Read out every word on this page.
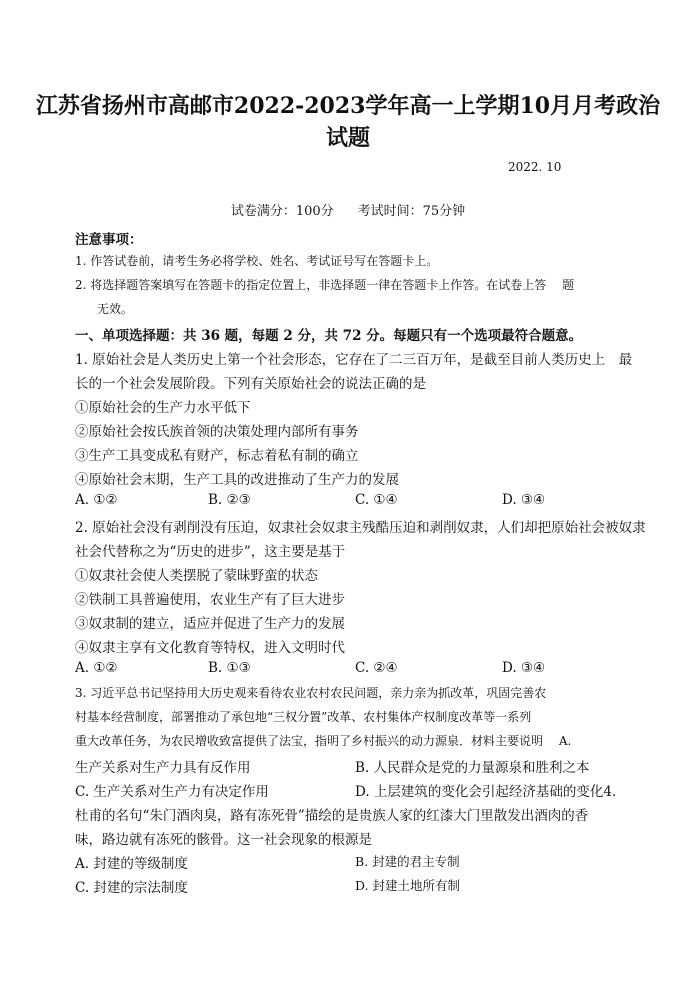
江苏省扬州市高邮市2022-2023学年高一上学期10月月考政治
试题
2022. 10
试卷满分：100分 考试时间：75分钟
注意事项：
1. 作答试卷前，请考生务必将学校、姓名、考试证号写在答题卡上。
2. 将选择题答案填写在答题卡的指定位置上，非选择题一律在答题卡上作答。在试卷上答　 题
无效。
一、单项选择题：共 36 题，每题 2 分，共 72 分。每题只有一个选项最符合题意。
1. 原始社会是人类历史上第一个社会形态，它存在了二三百万年，是截至目前人类历史上　最
长的一个社会发展阶段。下列有关原始社会的说法正确的是
①原始社会的生产力水平低下
②原始社会按氏族首领的决策处理内部所有事务
③生产工具变成私有财产，标志着私有制的确立
④原始社会末期，生产工具的改进推动了生产力的发展
A. ①②	B. ②③	C. ①④	D. ③④
2. 原始社会没有剥削没有压迫，奴隶社会奴隶主残酷压迫和剥削奴隶，人们却把原始社会被奴隶
社会代替称之为“历史的进步”，这主要是基于
①奴隶社会使人类摆脱了蒙昧野蛮的状态
②铁制工具普遍使用，农业生产有了巨大进步
③奴隶制的建立，适应并促进了生产力的发展
④奴隶主享有文化教育等特权，进入文明时代
A. ①②	B. ①③	C. ②④	D. ③④
3. 习近平总书记坚持用大历史观来看待农业农村农民问题，亲力亲为抓改革，巩固完善农
村基本经营制度，部署推动了承包地“三权分置”改革、农村集体产权制度改革等一系列
重大改革任务，为农民增收致富提供了法宝，指明了乡村振兴的动力源泉．材料主要说明　 A.
生产关系对生产力具有反作用	B. 人民群众是党的力量源泉和胜利之本
C. 生产关系对生产力有决定作用	D. 上层建筑的变化会引起经济基础的变化4.
杜甫的名句“朱门酒肉臭，路有冻死骨”描绘的是贵族人家的红漆大门里散发出酒肉的香
味，路边就有冻死的骸骨。这一社会现象的根源是
A. 封建的等级制度	B. 封建的君主专制
C. 封建的宗法制度	D. 封建土地所有制
